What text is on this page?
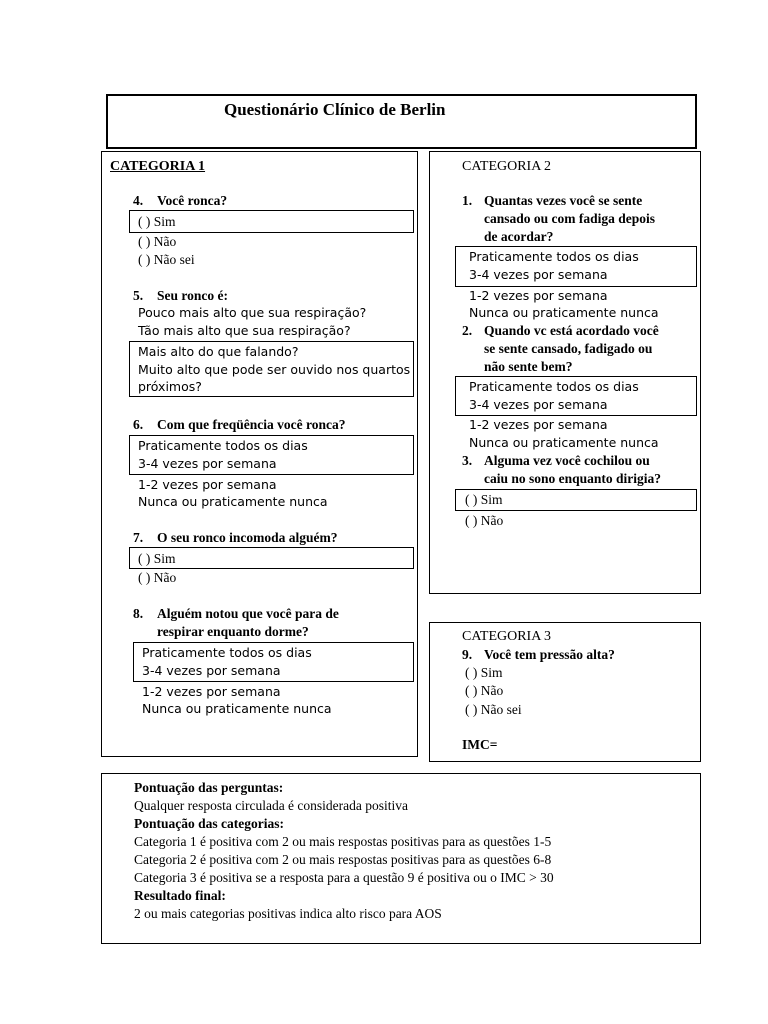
Questionário Clínico de Berlin
CATEGORIA 1
4. Você ronca?
( ) Sim
( ) Não
( ) Não sei
5. Seu ronco é:
Pouco mais alto que sua respiração?
Tão mais alto que sua respiração?
Mais alto do que falando?
Muito alto que pode ser ouvido nos quartos
próximos?
6. Com que freqüência você ronca?
Praticamente todos os dias
3-4 vezes por semana
1-2 vezes por semana
Nunca ou praticamente nunca
7. O seu ronco incomoda alguém?
( ) Sim
( ) Não
8. Alguém notou que você para de
respirar enquanto dorme?
Praticamente todos os dias
3-4 vezes por semana
1-2 vezes por semana
Nunca ou praticamente nunca
CATEGORIA 2
1. Quantas vezes você se sente
cansado ou com fadiga depois
de acordar?
Praticamente todos os dias
3-4 vezes por semana
1-2 vezes por semana
Nunca ou praticamente nunca
2. Quando vc está acordado você
se sente cansado, fadigado ou
não sente bem?
Praticamente todos os dias
3-4 vezes por semana
1-2 vezes por semana
Nunca ou praticamente nunca
3. Alguma vez você cochilou ou
caiu no sono enquanto dirigia?
( ) Sim
( ) Não
CATEGORIA 3
9. Você tem pressão alta?
( ) Sim
( ) Não
( ) Não sei
IMC=
Pontuação das perguntas:
Qualquer resposta circulada é considerada positiva
Pontuação das categorias:
Categoria 1 é positiva com 2 ou mais respostas positivas para as questões 1-5
Categoria 2 é positiva com 2 ou mais respostas positivas para as questões 6-8
Categoria 3 é positiva se a resposta para a questão 9 é positiva ou o IMC > 30
Resultado final:
2 ou mais categorias positivas indica alto risco para AOS
